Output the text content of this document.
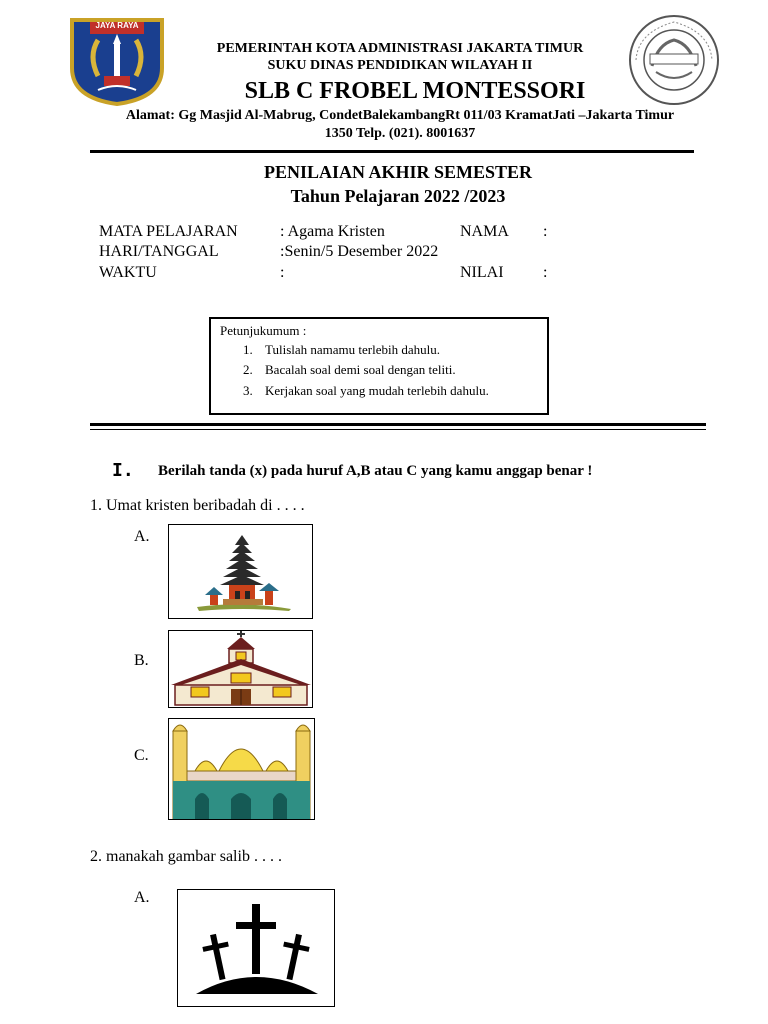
JAYA RAYA
PEMERINTAH KOTA ADMINISTRASI JAKARTA TIMUR
SUKU DINAS PENDIDIKAN WILAYAH II
SLB C FROBEL MONTESSORI
Alamat: Gg Masjid Al-Mabrug, CondetBalekambangRt 011/03 KramatJati –Jakarta Timur
1350 Telp. (021). 8001637
PENILAIAN AKHIR SEMESTER
Tahun Pelajaran 2022 /2023
MATA PELAJARAN	: Agama Kristen
HARI/TANGGAL	:Senin/5 Desember 2022
WAKTU	:
NAMA :
NILAI :
Petunjukumum :
1. Tulislah namamu terlebih dahulu.
2. Bacalah soal demi soal dengan teliti.
3. Kerjakan soal yang mudah terlebih dahulu.
I. Berilah tanda (x) pada huruf A,B atau C yang kamu anggap benar !
1. Umat kristen beribadah di . . . .
A.
B.
C.
2. manakah gambar salib . . . .
A.
